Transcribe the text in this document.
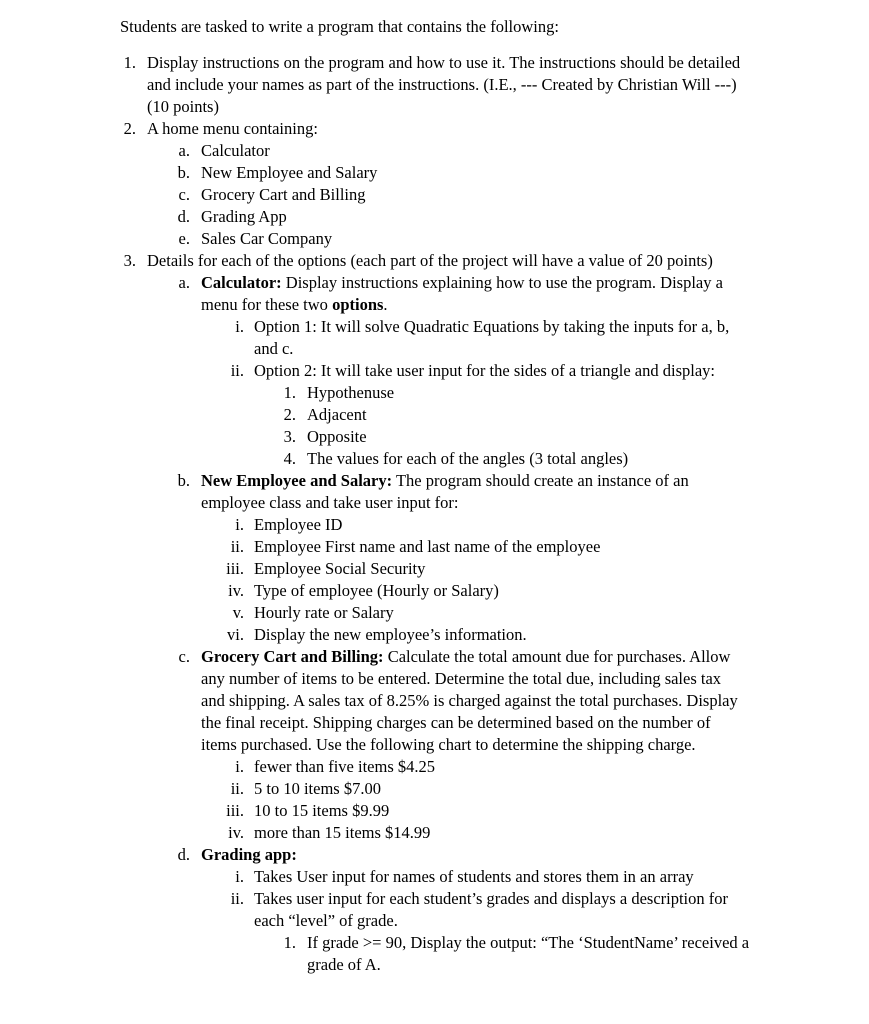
Students are tasked to write a program that contains the following:
1. Display instructions on the program and how to use it. The instructions should be detailed
and include your names as part of the instructions. (I.E., --- Created by Christian Will ---)
(10 points)
2. A home menu containing:
a. Calculator
b. New Employee and Salary
c. Grocery Cart and Billing
d. Grading App
e. Sales Car Company
3. Details for each of the options (each part of the project will have a value of 20 points)
a. Calculator: Display instructions explaining how to use the program. Display a
menu for these two options.
i. Option 1: It will solve Quadratic Equations by taking the inputs for a, b,
and c.
ii. Option 2: It will take user input for the sides of a triangle and display:
1. Hypothenuse
2. Adjacent
3. Opposite
4. The values for each of the angles (3 total angles)
b. New Employee and Salary: The program should create an instance of an
employee class and take user input for:
i. Employee ID
ii. Employee First name and last name of the employee
iii. Employee Social Security
iv. Type of employee (Hourly or Salary)
v. Hourly rate or Salary
vi. Display the new employee’s information.
c. Grocery Cart and Billing: Calculate the total amount due for purchases. Allow
any number of items to be entered. Determine the total due, including sales tax
and shipping. A sales tax of 8.25% is charged against the total purchases. Display
the final receipt. Shipping charges can be determined based on the number of
items purchased. Use the following chart to determine the shipping charge.
i. fewer than five items $4.25
ii. 5 to 10 items $7.00
iii. 10 to 15 items $9.99
iv. more than 15 items $14.99
d. Grading app:
i. Takes User input for names of students and stores them in an array
ii. Takes user input for each student’s grades and displays a description for
each “level” of grade.
1. If grade >= 90, Display the output: “The ‘StudentName’ received a
grade of A.
